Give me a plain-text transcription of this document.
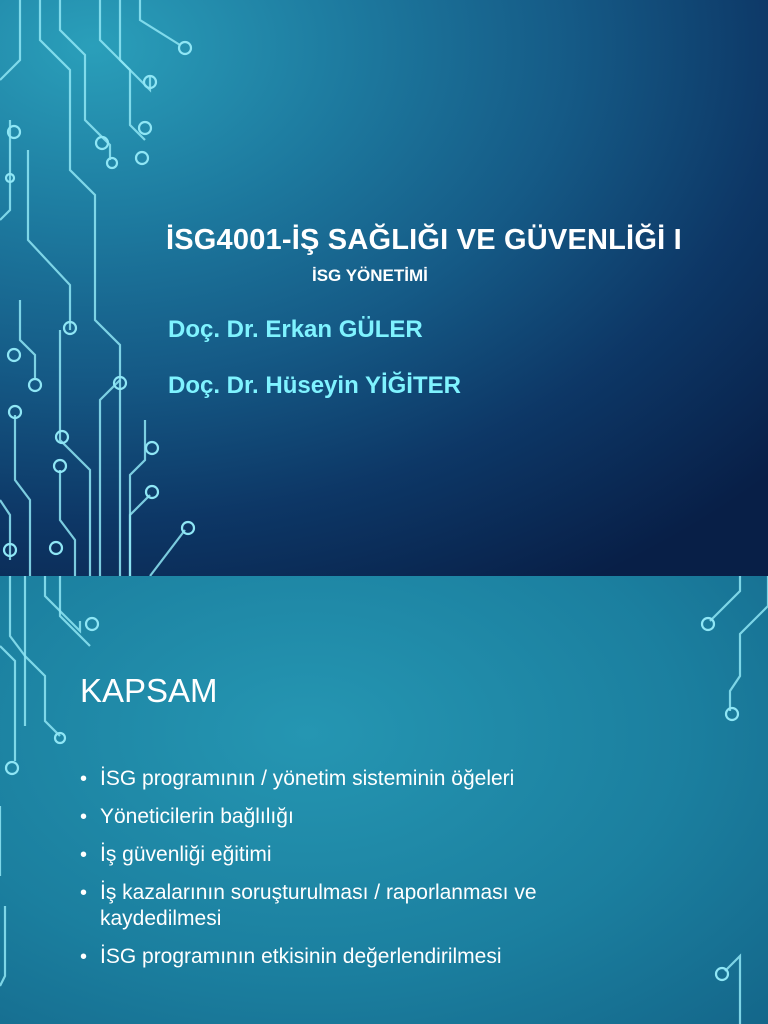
İSG4001-İŞ SAĞLIĞI VE GÜVENLİĞİ I
İSG YÖNETİMİ
Doç. Dr. Erkan GÜLER
Doç. Dr. Hüseyin YİĞİTER
KAPSAM
• İSG programının / yönetim sisteminin öğeleri
• Yöneticilerin bağlılığı
• İş güvenliği eğitimi
• İş kazalarının soruşturulması / raporlanması ve kaydedilmesi
• İSG programının etkisinin değerlendirilmesi
